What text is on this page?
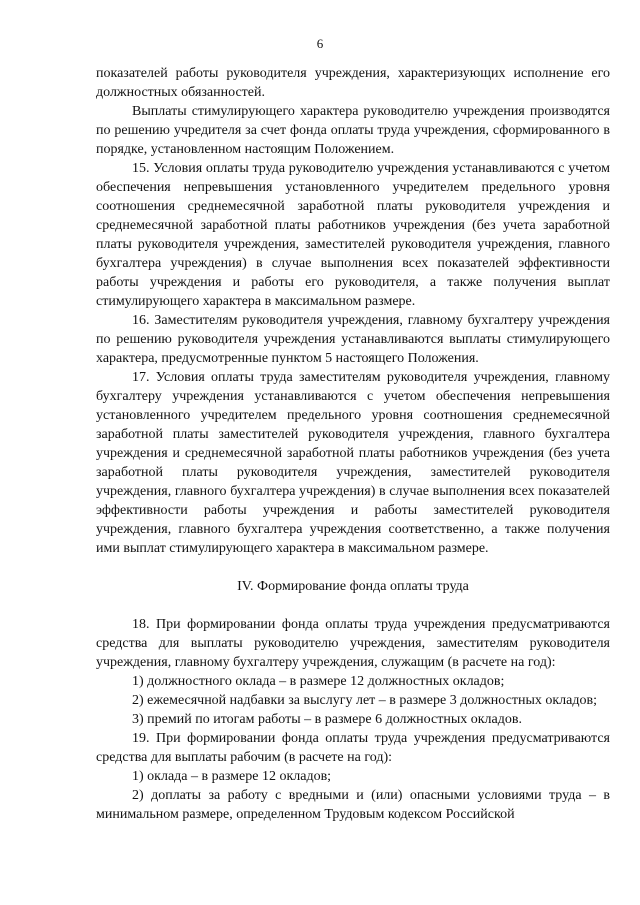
6

показателей работы руководителя учреждения, характеризующих исполнение его должностных обязанностей.

Выплаты стимулирующего характера руководителю учреждения производятся по решению учредителя за счет фонда оплаты труда учреждения, сформированного в порядке, установленном настоящим Положением.

15. Условия оплаты труда руководителю учреждения устанавливаются с учетом обеспечения непревышения установленного учредителем предельного уровня соотношения среднемесячной заработной платы руководителя учреждения и среднемесячной заработной платы работников учреждения (без учета заработной платы руководителя учреждения, заместителей руководителя учреждения, главного бухгалтера учреждения) в случае выполнения всех показателей эффективности работы учреждения и работы его руководителя, а также получения выплат стимулирующего характера в максимальном размере.

16. Заместителям руководителя учреждения, главному бухгалтеру учреждения по решению руководителя учреждения устанавливаются выплаты стимулирующего характера, предусмотренные пунктом 5 настоящего Положения.

17. Условия оплаты труда заместителям руководителя учреждения, главному бухгалтеру учреждения устанавливаются с учетом обеспечения непревышения установленного учредителем предельного уровня соотношения среднемесячной заработной платы заместителей руководителя учреждения, главного бухгалтера учреждения и среднемесячной заработной платы работников учреждения (без учета заработной платы руководителя учреждения, заместителей руководителя учреждения, главного бухгалтера учреждения) в случае выполнения всех показателей эффективности работы учреждения и работы заместителей руководителя учреждения, главного бухгалтера учреждения соответственно, а также получения ими выплат стимулирующего характера в максимальном размере.

IV. Формирование фонда оплаты труда

18. При формировании фонда оплаты труда учреждения предусматриваются средства для выплаты руководителю учреждения, заместителям руководителя учреждения, главному бухгалтеру учреждения, служащим (в расчете на год):

1) должностного оклада – в размере 12 должностных окладов;

2) ежемесячной надбавки за выслугу лет – в размере 3 должностных окладов;

3) премий по итогам работы – в размере 6 должностных окладов.

19. При формировании фонда оплаты труда учреждения предусматриваются средства для выплаты рабочим (в расчете на год):

1) оклада – в размере 12 окладов;

2) доплаты за работу с вредными и (или) опасными условиями труда – в минимальном размере, определенном Трудовым кодексом Российской
